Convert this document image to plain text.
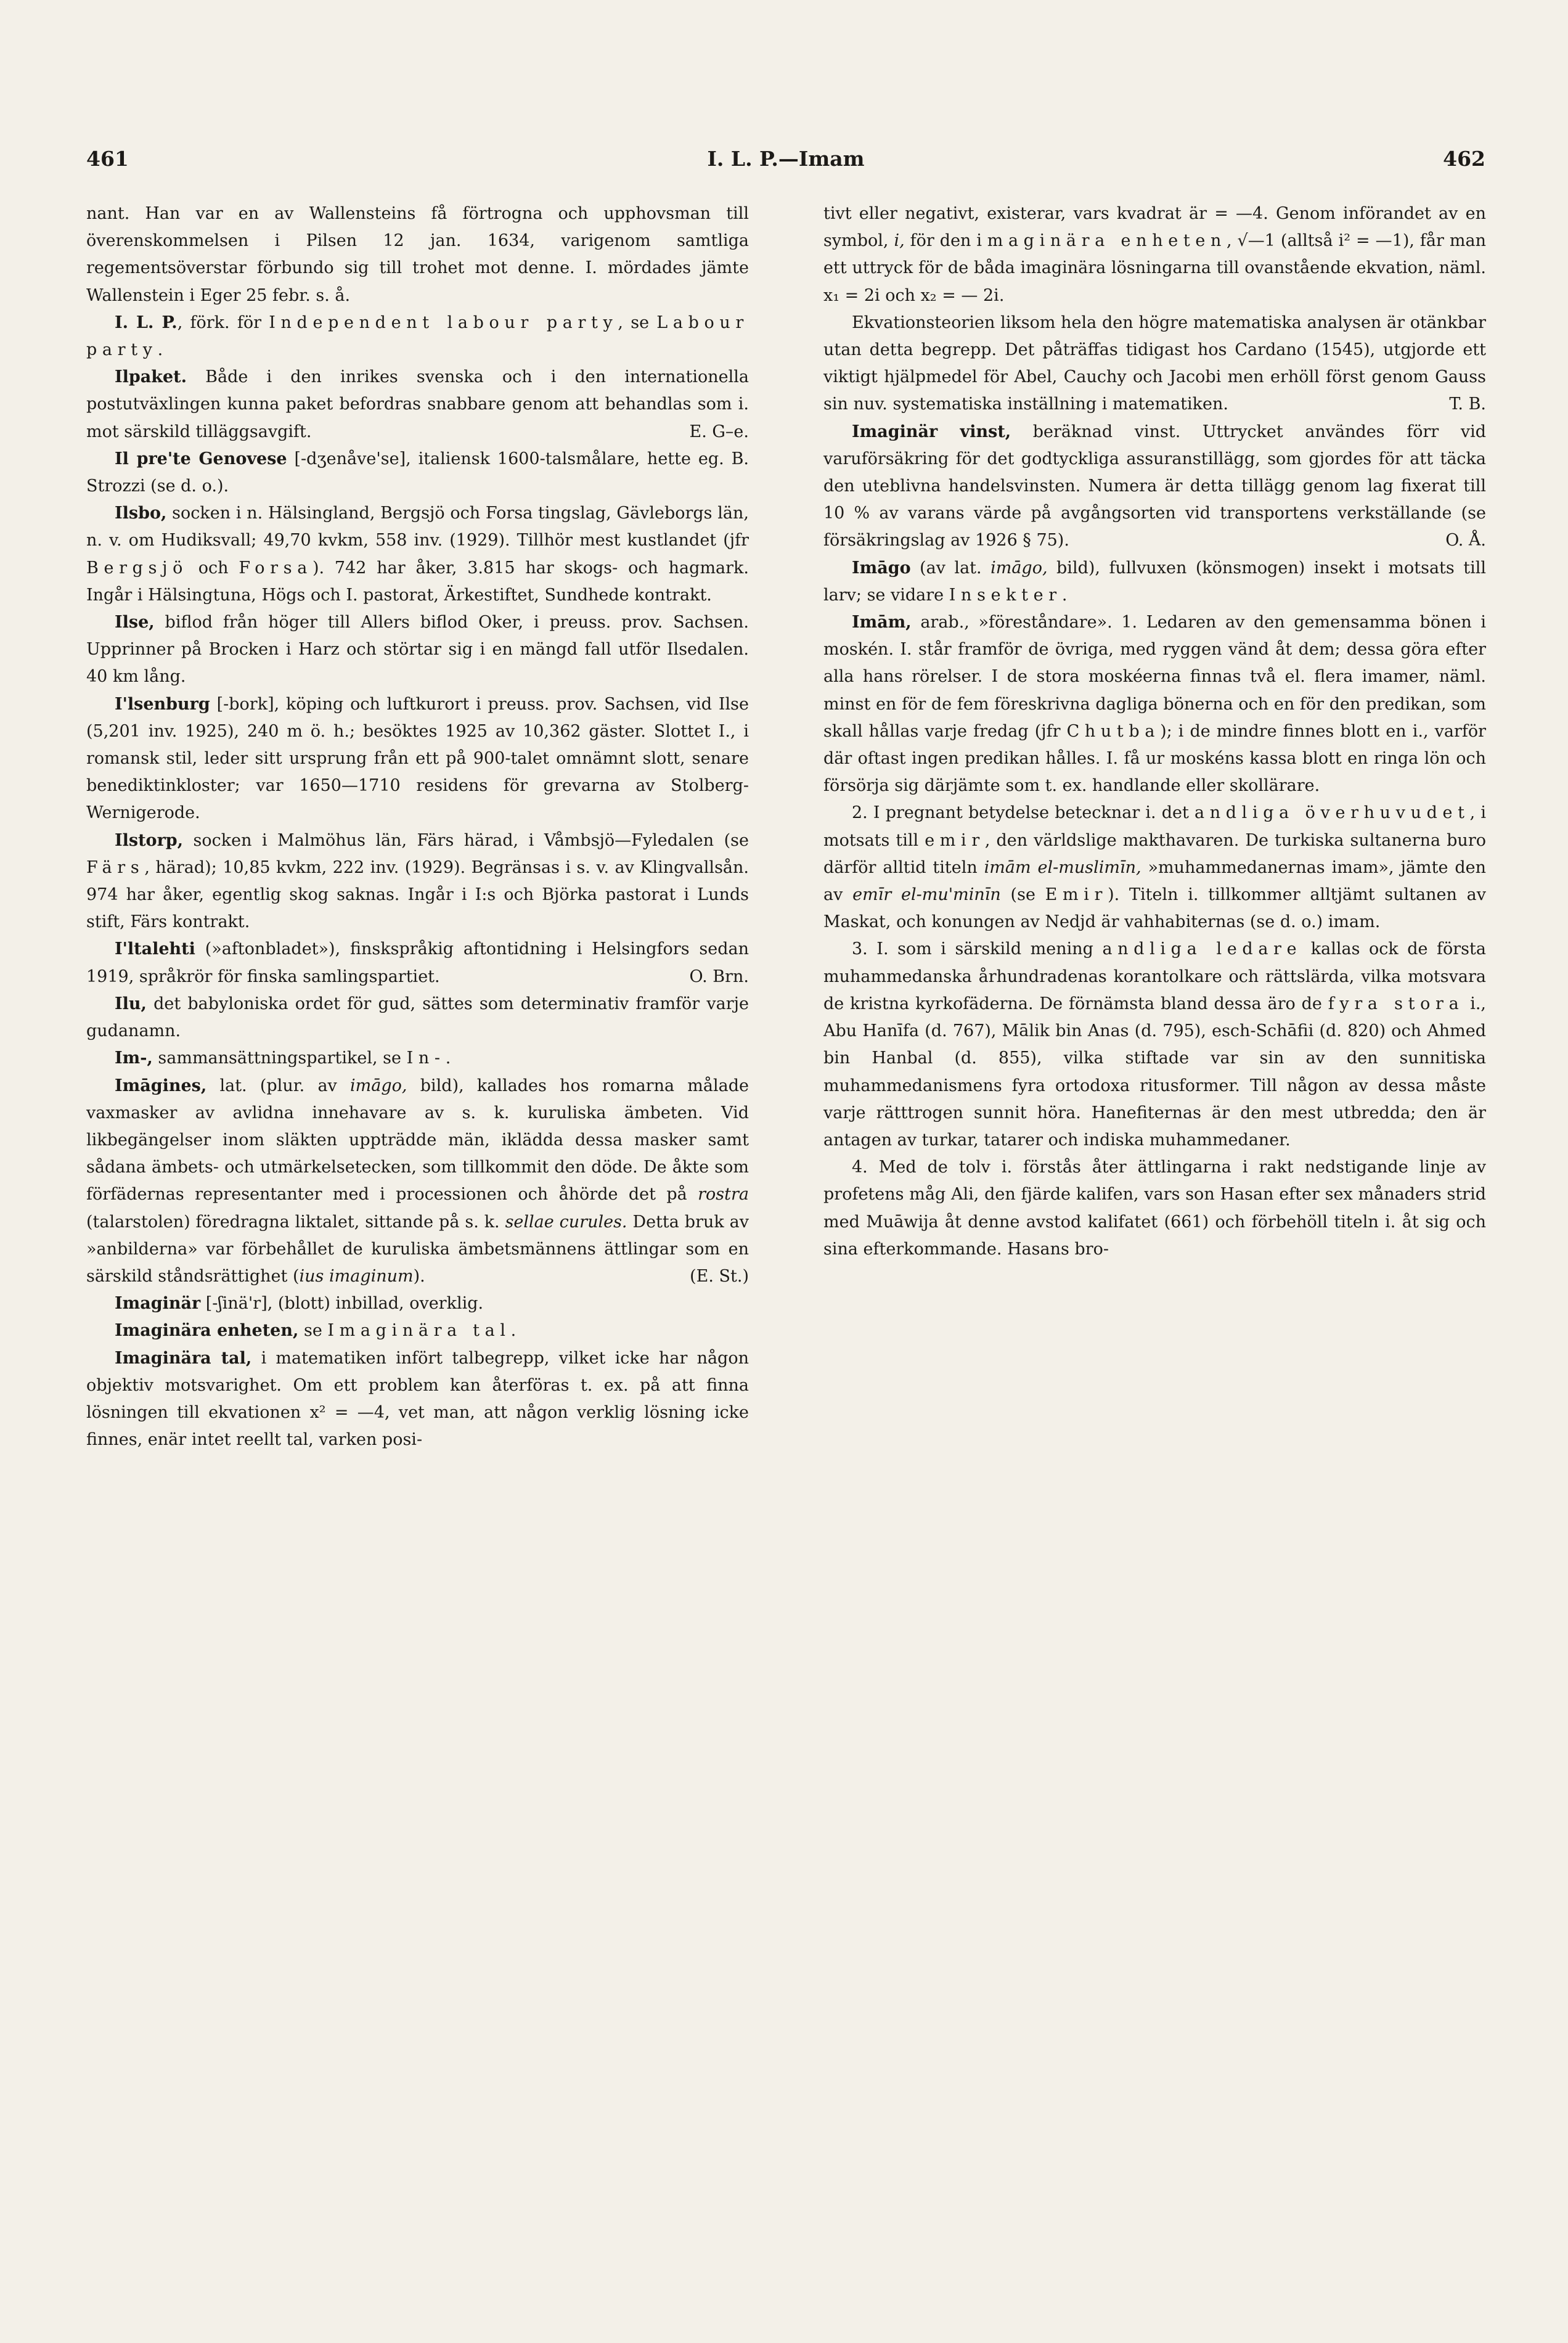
I. L. P.—Imam
461	462

nant. Han var en av Wallensteins få förtrogna och upphovsman till överenskommelsen i Pilsen 12 jan. 1634, varigenom samtliga regementsöverstar förbundo sig till trohet mot denne. I. mördades jämte Wallenstein i Eger 25 febr. s. å.

I. L. P., förk. för Independent labour party, se Labour party.

Ilpaket. Både i den inrikes svenska och i den internationella postutväxlingen kunna paket befordras snabbare genom att behandlas som i. mot särskild tilläggsavgift.	E. G–e.

Il pre'te Genovese [-dʒenåve'se], italiensk 1600-talsmålare, hette eg. B. Strozzi (se d. o.).

Ilsbo, socken i n. Hälsingland, Bergsjö och Forsa tingslag, Gävleborgs län, n. v. om Hudiksvall; 49,70 kvkm, 558 inv. (1929). Tillhör mest kustlandet (jfr Bergsjö och Forsa). 742 har åker, 3.815 har skogs- och hagmark. Ingår i Hälsingtuna, Högs och I. pastorat, Ärkestiftet, Sundhede kontrakt.

Ilse, biflod från höger till Allers biflod Oker, i preuss. prov. Sachsen. Upprinner på Brocken i Harz och störtar sig i en mängd fall utför Ilsedalen. 40 km lång.

I'lsenburg [-bork], köping och luftkurort i preuss. prov. Sachsen, vid Ilse (5,201 inv. 1925), 240 m ö. h.; besöktes 1925 av 10,362 gäster. Slottet I., i romansk stil, leder sitt ursprung från ett på 900-talet omnämnt slott, senare benediktinkloster; var 1650—1710 residens för grevarna av Stolberg-Wernigerode.

Ilstorp, socken i Malmöhus län, Färs härad, i Våmbsjö—Fyledalen (se Färs, härad); 10,85 kvkm, 222 inv. (1929). Begränsas i s. v. av Klingvallsån. 974 har åker, egentlig skog saknas. Ingår i I:s och Björka pastorat i Lunds stift, Färs kontrakt.

I'ltalehti (»aftonbladet»), finskspråkig aftontidning i Helsingfors sedan 1919, språkrör för finska samlingspartiet.	O. Brn.

Ilu, det babyloniska ordet för gud, sättes som determinativ framför varje gudanamn.

Im-, sammansättningspartikel, se In-.

Imāgines, lat. (plur. av imāgo, bild), kallades hos romarna målade vaxmasker av avlidna innehavare av s. k. kuruliska ämbeten. Vid likbegängelser inom släkten uppträdde män, iklädda dessa masker samt sådana ämbets- och utmärkelsetecken, som tillkommit den döde. De åkte som förfädernas representanter med i processionen och åhörde det på rostra (talarstolen) föredragna liktalet, sittande på s. k. sellae curules. Detta bruk av »anbilderna» var förbehållet de kuruliska ämbetsmännens ättlingar som en särskild ståndsrättighet (ius imaginum).	(E. St.)

Imaginär [-ʃinä'r], (blott) inbillad, overklig.

Imaginära enheten, se Imaginära tal.

Imaginära tal, i matematiken infört talbegrepp, vilket icke har någon objektiv motsvarighet. Om ett problem kan återföras t. ex. på att finna lösningen till ekvationen x² = —4, vet man, att någon verklig lösning icke finnes, enär intet reellt tal, varken posi-

tivt eller negativt, existerar, vars kvadrat är = —4. Genom införandet av en symbol, i, för den imaginära enheten, √—1 (alltså i² = —1), får man ett uttryck för de båda imaginära lösningarna till ovanstående ekvation, näml. x₁ = 2i och x₂ = — 2i.

Ekvationsteorien liksom hela den högre matematiska analysen är otänkbar utan detta begrepp. Det påträffas tidigast hos Cardano (1545), utgjorde ett viktigt hjälpmedel för Abel, Cauchy och Jacobi men erhöll först genom Gauss sin nuv. systematiska inställning i matematiken.	T. B.

Imaginär vinst, beräknad vinst. Uttrycket användes förr vid varuförsäkring för det godtyckliga assuranstillägg, som gjordes för att täcka den uteblivna handelsvinsten. Numera är detta tillägg genom lag fixerat till 10 % av varans värde på avgångsorten vid transportens verkställande (se försäkringslag av 1926 § 75).	O. Å.

Imāgo (av lat. imāgo, bild), fullvuxen (könsmogen) insekt i motsats till larv; se vidare Insekter.

Imām, arab., »föreståndare». 1. Ledaren av den gemensamma bönen i moskén. I. står framför de övriga, med ryggen vänd åt dem; dessa göra efter alla hans rörelser. I de stora moskéerna finnas två el. flera imamer, näml. minst en för de fem föreskrivna dagliga bönerna och en för den predikan, som skall hållas varje fredag (jfr Chutba); i de mindre finnes blott en i., varför där oftast ingen predikan hålles. I. få ur moskéns kassa blott en ringa lön och försörja sig därjämte som t. ex. handlande eller skollärare.

2. I pregnant betydelse betecknar i. det andliga överhuvudet, i motsats till emir, den världslige makthavaren. De turkiska sultanerna buro därför alltid titeln imām el-muslimīn, »muhammedanernas imam», jämte den av emīr el-mu'minīn (se Emir). Titeln i. tillkommer alltjämt sultanen av Maskat, och konungen av Nedjd är vahhabiternas (se d. o.) imam.

3. I. som i särskild mening andliga ledare kallas ock de första muhammedanska århundradenas korantolkare och rättslärda, vilka motsvara de kristna kyrkofäderna. De förnämsta bland dessa äro de fyra stora i., Abu Hanīfa (d. 767), Mālik bin Anas (d. 795), esch-Schāfii (d. 820) och Ahmed bin Hanbal (d. 855), vilka stiftade var sin av den sunnitiska muhammedanismens fyra ortodoxa ritusformer. Till någon av dessa måste varje rätttrogen sunnit höra. Hanefiternas är den mest utbredda; den är antagen av turkar, tatarer och indiska muhammedaner.

4. Med de tolv i. förstås åter ättlingarna i rakt nedstigande linje av profetens måg Ali, den fjärde kalifen, vars son Hasan efter sex månaders strid med Muāwija åt denne avstod kalifatet (661) och förbehöll titeln i. åt sig och sina efterkommande. Hasans bro-
